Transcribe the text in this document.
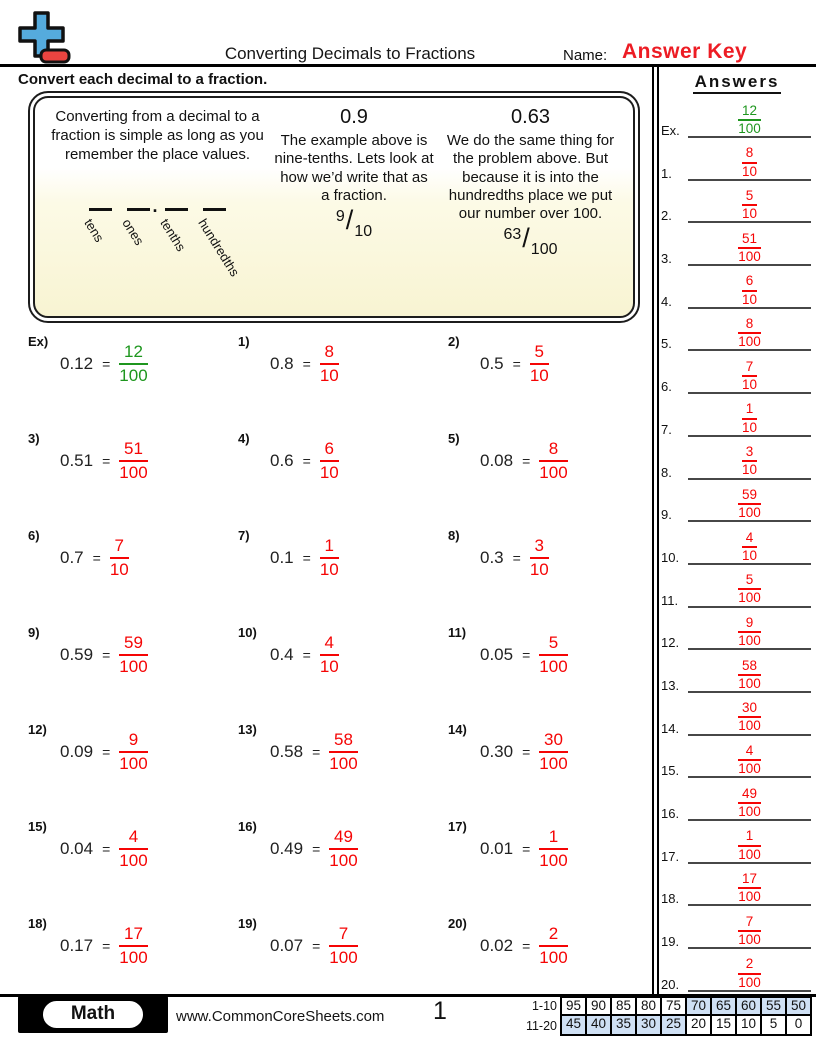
Converting Decimals to Fractions	Name: Answer Key
Convert each decimal to a fraction.

Converting from a decimal to a fraction is simple as long as you remember the place values.

.
tens ones tenths hundredths
0.9

The example above is nine-tenths. Lets look at how we’d write that as a fraction.

9/10
0.63

We do the same thing for the problem above. But because it is into the hundredths place we put our number over 100.

63/100
Ex)
$0.12 = \frac{12}{100}$
1)
$0.8 = \frac{8}{10}$
2)
$0.5 = \frac{5}{10}$
3)
$0.51 = \frac{51}{100}$
4)
$0.6 = \frac{6}{10}$
5)
$0.08 = \frac{8}{100}$
6)
$0.7 = \frac{7}{10}$
7)
$0.1 = \frac{1}{10}$
8)
$0.3 = \frac{3}{10}$
9)
$0.59 = \frac{59}{100}$
10)
$0.4 = \frac{4}{10}$
11)
$0.05 = \frac{5}{100}$
12)
$0.09 = \frac{9}{100}$
13)
$0.58 = \frac{58}{100}$
14)
$0.30 = \frac{30}{100}$
15)
$0.04 = \frac{4}{100}$
16)
$0.49 = \frac{49}{100}$
17)
$0.01 = \frac{1}{100}$
18)
$0.17 = \frac{17}{100}$
19)
$0.07 = \frac{7}{100}$
20)
$0.02 = \frac{2}{100}$
Answers
Ex.	$\frac{12}{100}$
1.	$\frac{8}{10}$
2.	$\frac{5}{10}$
3.	$\frac{51}{100}$
4.	$\frac{6}{10}$
5.	$\frac{8}{100}$
6.	$\frac{7}{10}$
7.	$\frac{1}{10}$
8.	$\frac{3}{10}$
9.	$\frac{59}{100}$
10.	$\frac{4}{10}$
11.	$\frac{5}{100}$
12.	$\frac{9}{100}$
13.	$\frac{58}{100}$
14.	$\frac{30}{100}$
15.	$\frac{4}{100}$
16.	$\frac{49}{100}$
17.	$\frac{1}{100}$
18.	$\frac{17}{100}$
19.	$\frac{7}{100}$
20.	$\frac{2}{100}$
Math	www.CommonCoreSheets.com	1	1-10 95 90 85 80 75 70 65 60 55 50
11-20 45 40 35 30 25 20 15 10	5	0
